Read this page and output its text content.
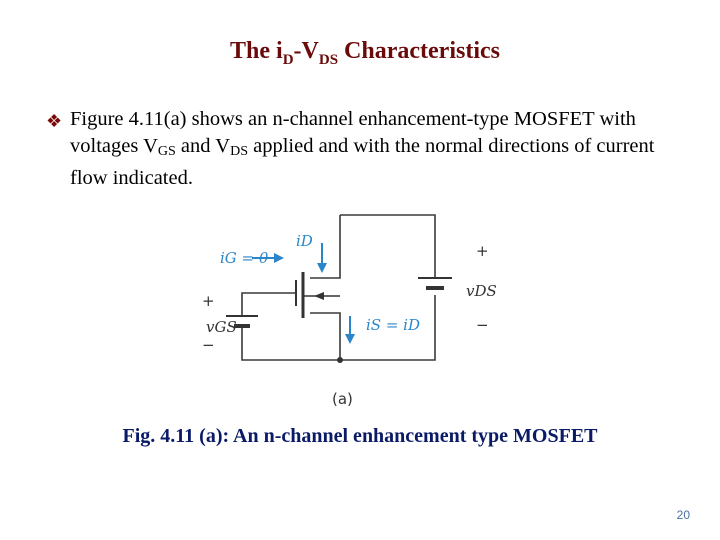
The $i_D-V_{DS}$ Characteristics
❖ Figure 4.11(a) shows an n-channel enhancement-type MOSFET with voltages $V_{GS}$ and $V_{DS}$ applied and with the normal directions of current flow indicated.
iG = 0
iD
iS = iD
vGS
vDS
+
−
+
−
(a)
Fig. 4.11 (a): An n-channel enhancement type MOSFET
20
